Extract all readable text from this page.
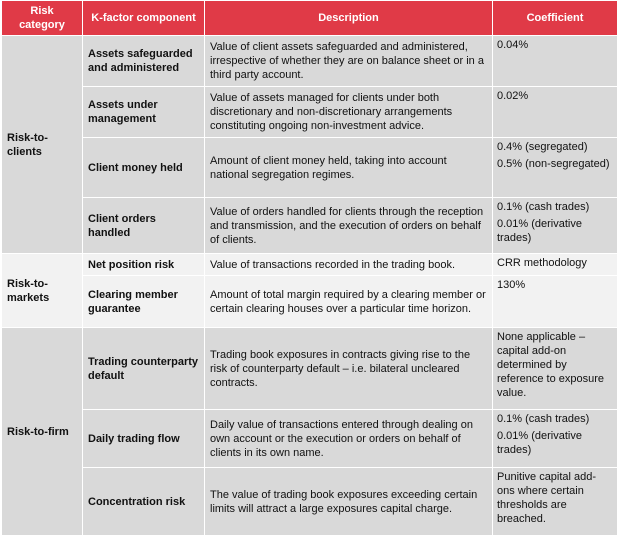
Risk category	K-factor component	Description	Coefficient
Risk-to-clients	Assets safeguarded and administered	Value of client assets safeguarded and administered, irrespective of whether they are on balance sheet or in a third party account.	0.04%

	Assets under management	Value of assets managed for clients under both discretionary and non-discretionary arrangements constituting ongoing non-investment advice.	0.02%

	Client money held	Amount of client money held, taking into account national segregation regimes.	0.4% (segregated)

0.5% (non-segregated)

	Client orders handled	Value of orders handled for clients through the reception and transmission, and the execution of orders on behalf of clients.	0.1% (cash trades)

0.01% (derivative trades)

Risk-to-markets	Net position risk	Value of transactions recorded in the trading book.	CRR methodology

	Clearing member guarantee	Amount of total margin required by a clearing member or certain clearing houses over a particular time horizon.	130%

Risk-to-firm	Trading counterparty default	Trading book exposures in contracts giving rise to the risk of counterparty default – i.e. bilateral uncleared contracts.	None applicable – capital add-on determined by reference to exposure value.

	Daily trading flow	Daily value of transactions entered through dealing on own account or the execution or orders on behalf of clients in its own name.	0.1% (cash trades)

0.01% (derivative trades)

	Concentration risk	The value of trading book exposures exceeding certain limits will attract a large exposures capital charge.	Punitive capital add-ons where certain thresholds are breached.
